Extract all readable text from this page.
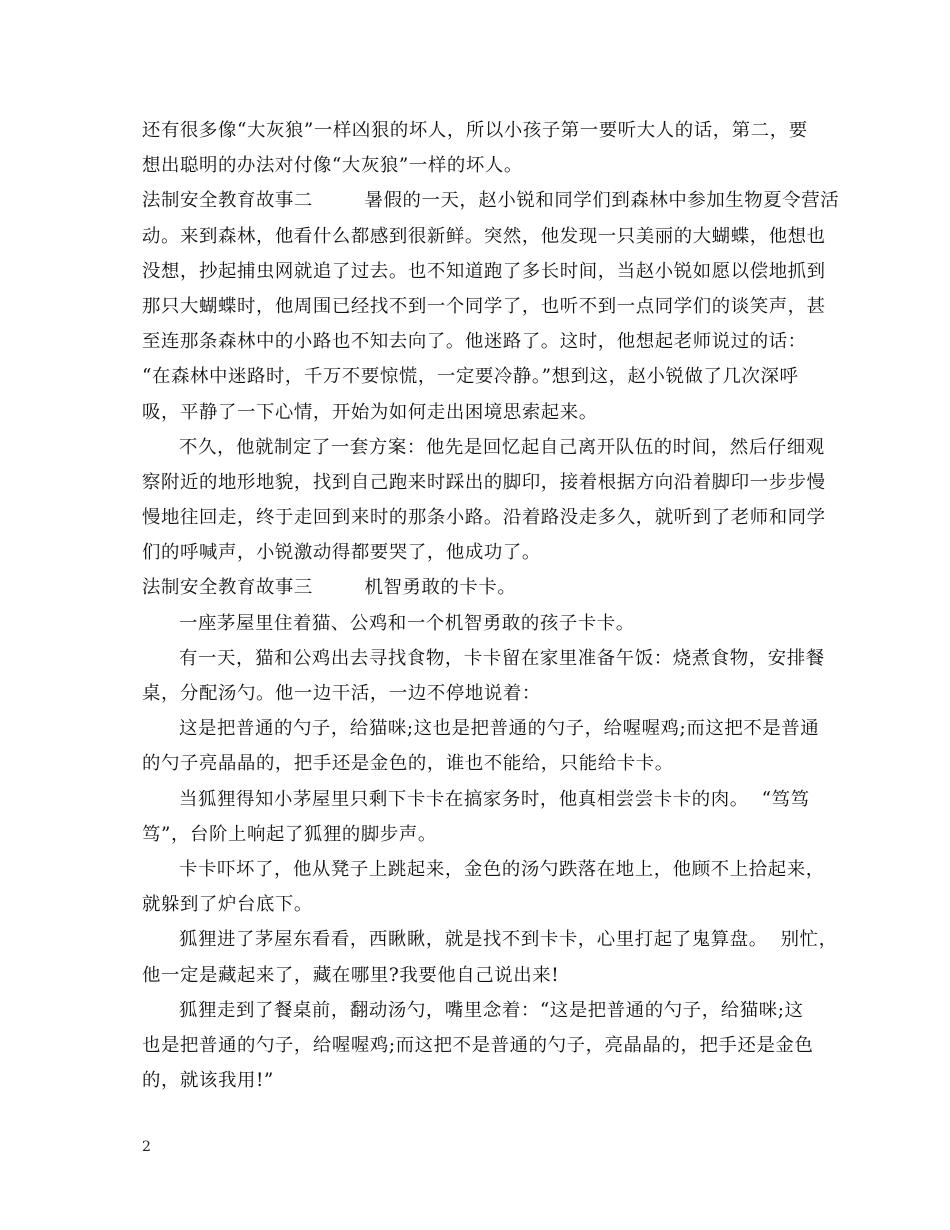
还有很多像“大灰狼”一样凶狠的坏人，所以小孩子第一要听大人的话，第二，要
想出聪明的办法对付像“大灰狼”一样的坏人。
法制安全教育故事二        暑假的一天，赵小锐和同学们到森林中参加生物夏令营活
动。来到森林，他看什么都感到很新鲜。突然，他发现一只美丽的大蝴蝶，他想也
没想，抄起捕虫网就追了过去。也不知道跑了多长时间，当赵小锐如愿以偿地抓到
那只大蝴蝶时，他周围已经找不到一个同学了，也听不到一点同学们的谈笑声，甚
至连那条森林中的小路也不知去向了。他迷路了。这时，他想起老师说过的话：
“在森林中迷路时，千万不要惊慌，一定要冷静。”想到这，赵小锐做了几次深呼
吸，平静了一下心情，开始为如何走出困境思索起来。
不久，他就制定了一套方案：他先是回忆起自己离开队伍的时间，然后仔细观
察附近的地形地貌，找到自己跑来时踩出的脚印，接着根据方向沿着脚印一步步慢
慢地往回走，终于走回到来时的那条小路。沿着路没走多久，就听到了老师和同学
们的呼喊声，小锐激动得都要哭了，他成功了。
法制安全教育故事三        机智勇敢的卡卡。
一座茅屋里住着猫、公鸡和一个机智勇敢的孩子卡卡。
有一天，猫和公鸡出去寻找食物，卡卡留在家里准备午饭：烧煮食物，安排餐
桌，分配汤勺。他一边干活，一边不停地说着：
这是把普通的勺子，给猫咪;这也是把普通的勺子，给喔喔鸡;而这把不是普通
的勺子亮晶晶的，把手还是金色的，谁也不能给，只能给卡卡。
当狐狸得知小茅屋里只剩下卡卡在搞家务时，他真相尝尝卡卡的肉。  “笃笃
笃”，台阶上响起了狐狸的脚步声。
卡卡吓坏了，他从凳子上跳起来，金色的汤勺跌落在地上，他顾不上拾起来，
就躲到了炉台底下。
狐狸进了茅屋东看看，西瞅瞅，就是找不到卡卡，心里打起了鬼算盘。  别忙，
他一定是藏起来了，藏在哪里?我要他自己说出来!
狐狸走到了餐桌前，翻动汤勺，嘴里念着：“这是把普通的勺子，给猫咪;这
也是把普通的勺子，给喔喔鸡;而这把不是普通的勺子，亮晶晶的，把手还是金色
的，就该我用!”
2
